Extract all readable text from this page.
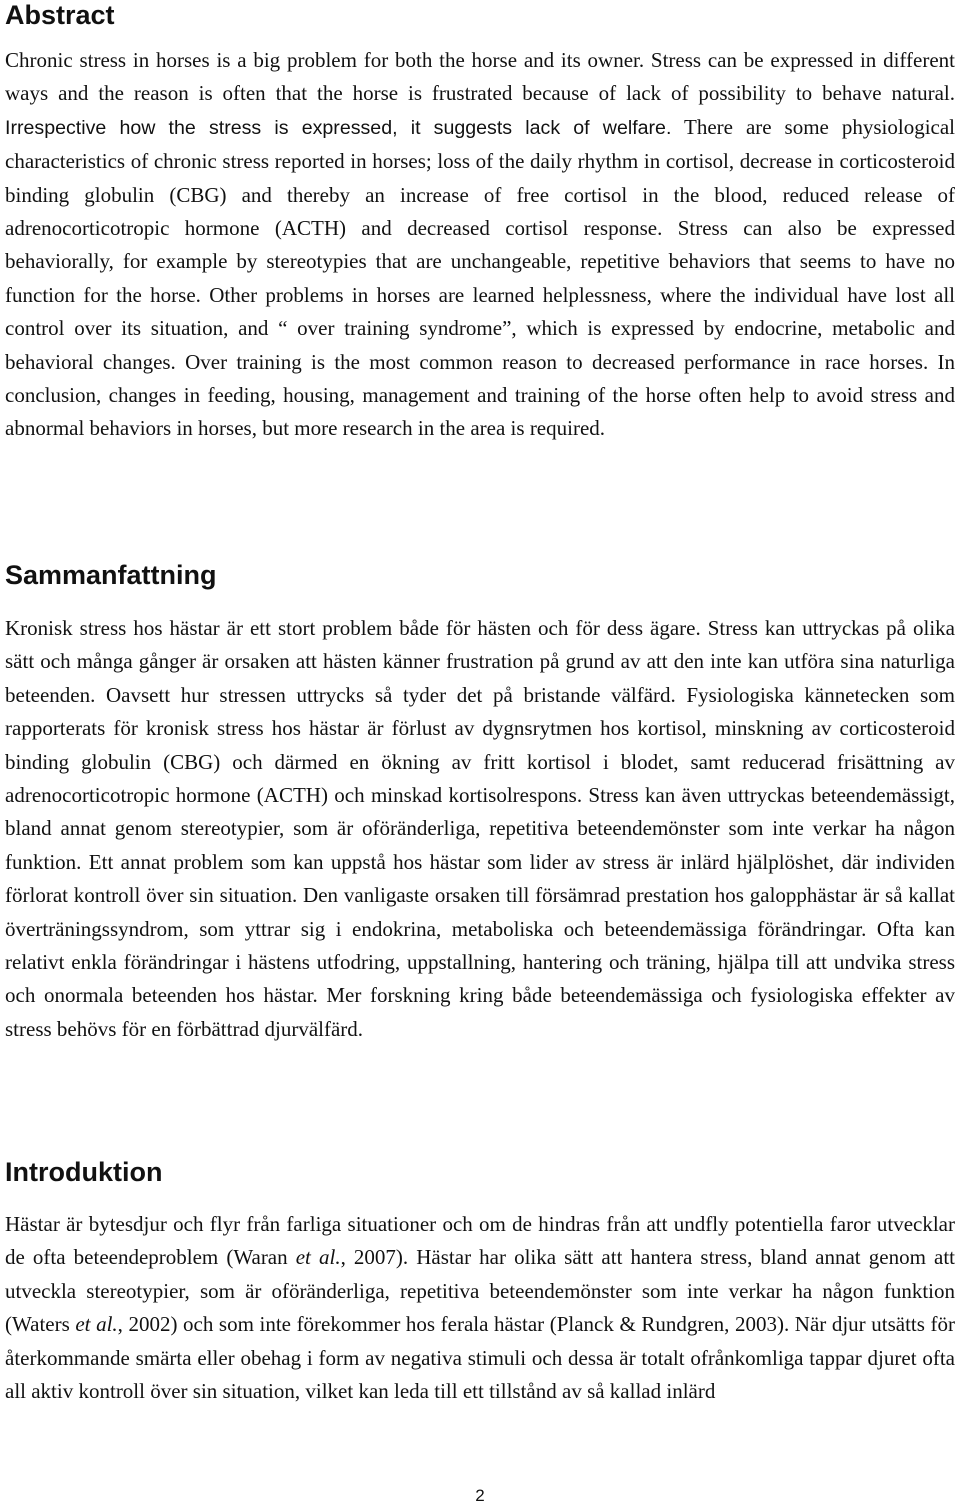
Abstract

Chronic stress in horses is a big problem for both the horse and its owner. Stress can be expressed in different ways and the reason is often that the horse is frustrated because of lack of possibility to behave natural. Irrespective how the stress is expressed, it suggests lack of welfare. There are some physiological characteristics of chronic stress reported in horses; loss of the daily rhythm in cortisol, decrease in corticosteroid binding globulin (CBG) and thereby an increase of free cortisol in the blood, reduced release of adrenocorticotropic hormone (ACTH) and decreased cortisol response. Stress can also be expressed behaviorally, for example by stereotypies that are unchangeable, repetitive behaviors that seems to have no function for the horse. Other problems in horses are learned helplessness, where the individual have lost all control over its situation, and “ over training syndrome”, which is expressed by endocrine, metabolic and behavioral changes. Over training is the most common reason to decreased performance in race horses. In conclusion, changes in feeding, housing, management and training of the horse often help to avoid stress and abnormal behaviors in horses, but more research in the area is required.

Sammanfattning

Kronisk stress hos hästar är ett stort problem både för hästen och för dess ägare. Stress kan uttryckas på olika sätt och många gånger är orsaken att hästen känner frustration på grund av att den inte kan utföra sina naturliga beteenden. Oavsett hur stressen uttrycks så tyder det på bristande välfärd. Fysiologiska kännetecken som rapporterats för kronisk stress hos hästar är förlust av dygnsrytmen hos kortisol, minskning av corticosteroid binding globulin (CBG) och därmed en ökning av fritt kortisol i blodet, samt reducerad frisättning av adrenocorticotropic hormone (ACTH) och minskad kortisolrespons. Stress kan även uttryckas beteendemässigt, bland annat genom stereotypier, som är oföränderliga, repetitiva beteendemönster som inte verkar ha någon funktion. Ett annat problem som kan uppstå hos hästar som lider av stress är inlärd hjälplöshet, där individen förlorat kontroll över sin situation. Den vanligaste orsaken till försämrad prestation hos galopphästar är så kallat överträningssyndrom, som yttrar sig i endokrina, metaboliska och beteendemässiga förändringar. Ofta kan relativt enkla förändringar i hästens utfodring, uppstallning, hantering och träning, hjälpa till att undvika stress och onormala beteenden hos hästar. Mer forskning kring både beteendemässiga och fysiologiska effekter av stress behövs för en förbättrad djurvälfärd.

Introduktion

Hästar är bytesdjur och flyr från farliga situationer och om de hindras från att undfly potentiella faror utvecklar de ofta beteendeproblem (Waran et al., 2007). Hästar har olika sätt att hantera stress, bland annat genom att utveckla stereotypier, som är oföränderliga, repetitiva beteendemönster som inte verkar ha någon funktion (Waters et al., 2002) och som inte förekommer hos ferala hästar (Planck & Rundgren, 2003). När djur utsätts för återkommande smärta eller obehag i form av negativa stimuli och dessa är totalt ofrånkomliga tappar djuret ofta all aktiv kontroll över sin situation, vilket kan leda till ett tillstånd av så kallad inlärd

2
